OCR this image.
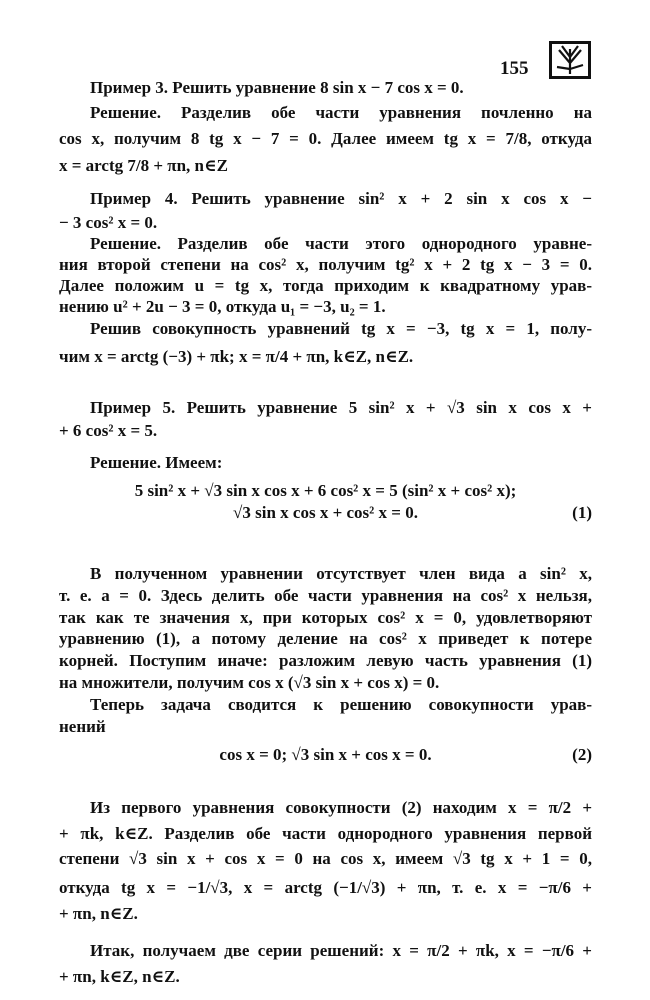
155
Пример 3. Решить уравнение 8 sin x − 7 cos x = 0.
Решение. Разделив обе части уравнения почленно на
cos x, получим 8 tg x − 7 = 0. Далее имеем tg x = 7/8, откуда
x = arctg 7/8 + πn, n∈Z
Пример 4. Решить уравнение sin² x + 2 sin x cos x −
− 3 cos² x = 0.
Решение. Разделив обе части этого однородного уравне-
ния второй степени на cos² x, получим tg² x + 2 tg x − 3 = 0.
Далее положим u = tg x, тогда приходим к квадратному урав-
нению u² + 2u − 3 = 0, откуда u₁ = −3, u₂ = 1.
Решив совокупность уравнений tg x = −3, tg x = 1, полу-
чим x = arctg (−3) + πk; x = π/4 + πn, k∈Z, n∈Z.
Пример 5. Решить уравнение 5 sin² x + √3 sin x cos x +
+ 6 cos² x = 5.
Решение. Имеем:
5 sin² x + √3 sin x cos x + 6 cos² x = 5 (sin² x + cos² x);
√3 sin x cos x + cos² x = 0.	(1)
В полученном уравнении отсутствует член вида a sin² x,
т. е. a = 0. Здесь делить обе части уравнения на cos² x нельзя,
так как те значения x, при которых cos² x = 0, удовлетворяют
уравнению (1), а потому деление на cos² x приведет к потере
корней. Поступим иначе: разложим левую часть уравнения (1)
на множители, получим cos x (√3 sin x + cos x) = 0.
Теперь задача сводится к решению совокупности урав-
нений
cos x = 0; √3 sin x + cos x = 0.	(2)
Из первого уравнения совокупности (2) находим x = π/2 +
+ πk, k∈Z. Разделив обе части однородного уравнения первой
степени √3 sin x + cos x = 0 на cos x, имеем √3 tg x + 1 = 0,
откуда tg x = −1/√3, x = arctg (−1/√3) + πn, т. е. x = −π/6 +
+ πn, n∈Z.
Итак, получаем две серии решений: x = π/2 + πk, x = −π/6 +
+ πn, k∈Z, n∈Z.
